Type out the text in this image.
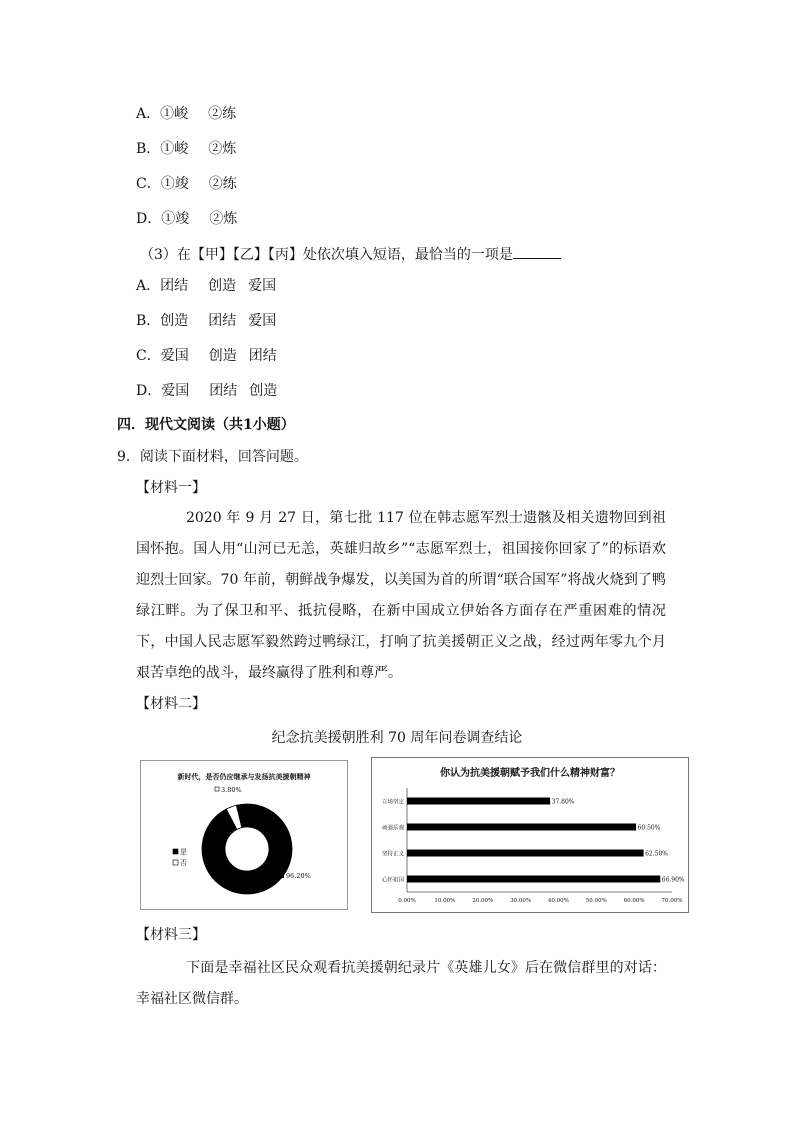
A．①峻 ②练
B．①峻 ②炼
C．①竣 ②练
D．①竣 ②炼
（3）在【甲】【乙】【丙】处依次填入短语，最恰当的一项是
A．团结 创造 爱国
B．创造 团结 爱国
C．爱国 创造 团结
D．爱国 团结 创造
四．现代文阅读（共1小题）
9．阅读下面材料，回答问题。
【材料一】
2020 年 9 月 27 日，第七批 117 位在韩志愿军烈士遗骸及相关遗物回到祖国怀抱。国人用“山河已无恙，英雄归故乡”“志愿军烈士，祖国接你回家了”的标语欢迎烈士回家。70 年前，朝鲜战争爆发，以美国为首的所谓“联合国军”将战火烧到了鸭绿江畔。为了保卫和平、抵抗侵略，在新中国成立伊始各方面存在严重困难的情况下，中国人民志愿军毅然跨过鸭绿江，打响了抗美援朝正义之战，经过两年零九个月艰苦卓绝的战斗，最终赢得了胜利和尊严。
【材料二】
纪念抗美援朝胜利 70 周年问卷调查结论
新时代，是否仍应继承与发扬抗美援朝精神
96.20%
3.80%
是
否
你认为抗美援朝赋予我们什么精神财富？
立场坚定	37.80%
顽强乐观	60.50%
坚持正义	62.50%
心怀祖国	66.90%
0.00%	10.00%	20.00%	30.00%	40.00%	50.00%	60.00%	70.00%
【材料三】
下面是幸福社区民众观看抗美援朝纪录片《英雄儿女》后在微信群里的对话：幸福社区微信群。
